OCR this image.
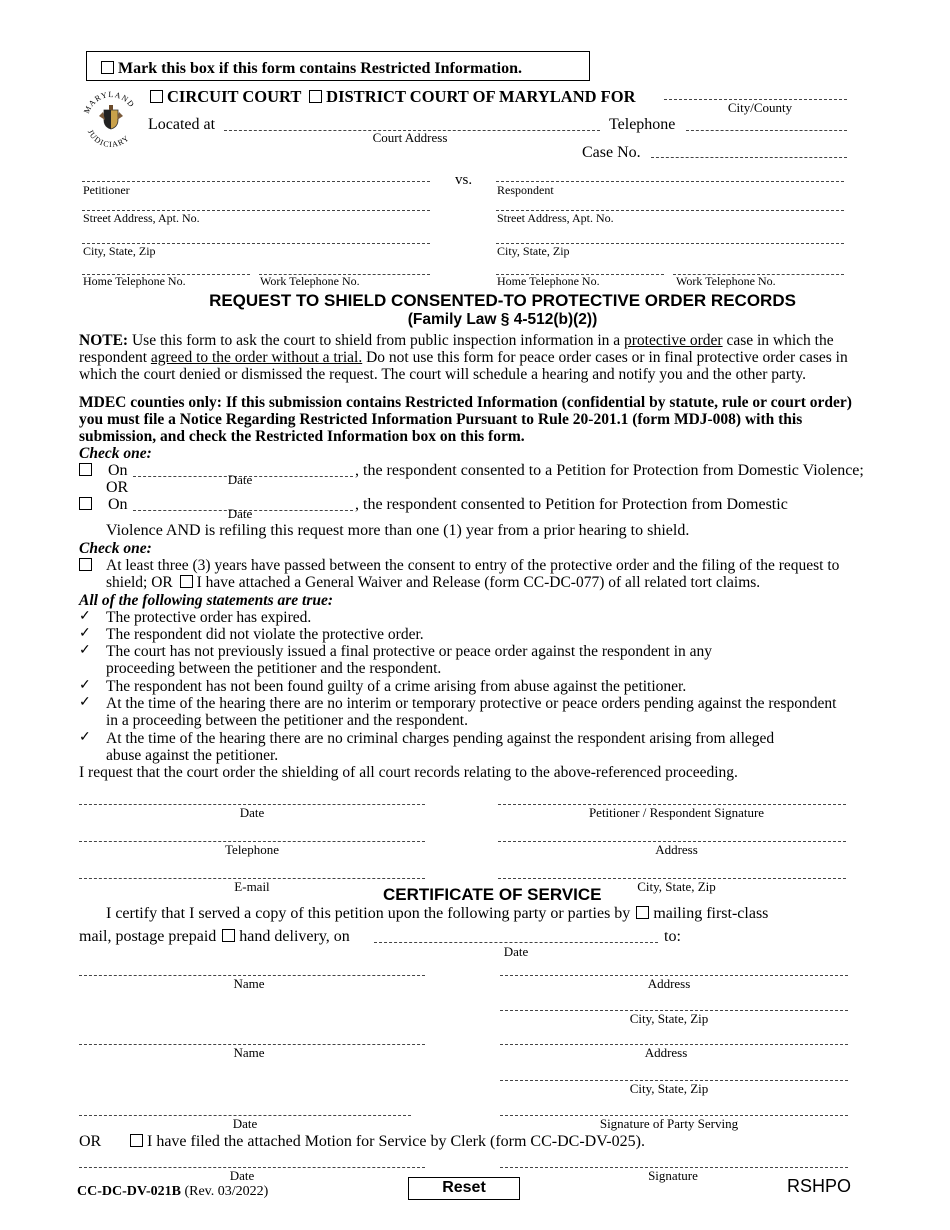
Mark this box if this form contains Restricted Information.
MARYLAND
JUDICIARY
CIRCUIT COURT DISTRICT COURT OF MARYLAND FOR
City/County
Located at
Court Address
Telephone
Case No.
vs.
Petitioner
Street Address, Apt. No.
City, State, Zip
Home Telephone No.	Work Telephone No.
Respondent
Street Address, Apt. No.
City, State, Zip
Home Telephone No.	Work Telephone No.
REQUEST TO SHIELD CONSENTED-TO PROTECTIVE ORDER RECORDS
(Family Law § 4-512(b)(2))
NOTE: Use this form to ask the court to shield from public inspection information in a protective order case in which the respondent agreed to the order without a trial. Do not use this form for peace order cases or in final protective order cases in which the court denied or dismissed the request. The court will schedule a hearing and notify you and the other party.
MDEC counties only: If this submission contains Restricted Information (confidential by statute, rule or court order) you must file a Notice Regarding Restricted Information Pursuant to Rule 20-201.1 (form MDJ-008) with this submission, and check the Restricted Information box on this form.
Check one:
On
Date
, the respondent consented to a Petition for Protection from Domestic Violence;
OR
On
Date
, the respondent consented to Petition for Protection from Domestic
Violence AND is refiling this request more than one (1) year from a prior hearing to shield.
Check one:
At least three (3) years have passed between the consent to entry of the protective order and the filing of the request to
shield; OR I have attached a General Waiver and Release (form CC-DC-077) of all related tort claims.
All of the following statements are true:
✓ The protective order has expired.
✓ The respondent did not violate the protective order.
✓ The court has not previously issued a final protective or peace order against the respondent in any
proceeding between the petitioner and the respondent.
✓ The respondent has not been found guilty of a crime arising from abuse against the petitioner.
✓ At the time of the hearing there are no interim or temporary protective or peace orders pending against the respondent
in a proceeding between the petitioner and the respondent.
✓ At the time of the hearing there are no criminal charges pending against the respondent arising from alleged
abuse against the petitioner.
I request that the court order the shielding of all court records relating to the above-referenced proceeding.
Date	Petitioner / Respondent Signature
Telephone	Address
E-mail	City, State, Zip
CERTIFICATE OF SERVICE
I certify that I served a copy of this petition upon the following party or parties by mailing first-class
mail, postage prepaid hand delivery, on	to:
Date
Name	Address
City, State, Zip
Name	Address
City, State, Zip
Date	Signature of Party Serving
OR	I have filed the attached Motion for Service by Clerk (form CC-DC-DV-025).
Date	Signature
CC-DC-DV-021B (Rev. 03/2022)	Reset	RSHPO
